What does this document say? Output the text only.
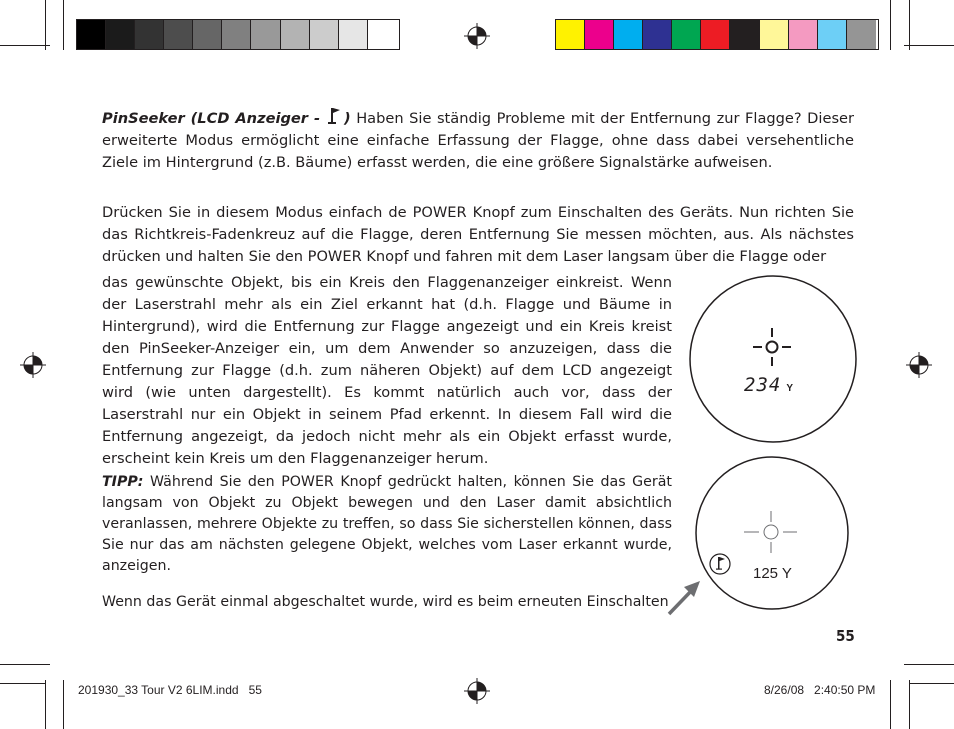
PinSeeker (LCD Anzeiger - ) Haben Sie ständig Probleme mit der Entfernung zur Flagge? Dieser erweiterte Modus ermöglicht eine einfache Erfassung der Flagge, ohne dass dabei versehentliche Ziele im Hintergrund (z.B. Bäume) erfasst werden, die eine größere Signalstärke aufweisen.
Drücken Sie in diesem Modus einfach de POWER Knopf zum Einschalten des Geräts. Nun richten Sie das Richtkreis-Fadenkreuz auf die Flagge, deren Entfernung Sie messen möchten, aus. Als nächstes drücken und halten Sie den POWER Knopf und fahren mit dem Laser langsam über die Flagge oder
das gewünschte Objekt, bis ein Kreis den Flaggenanzeiger einkreist. Wenn der Laserstrahl mehr als ein Ziel erkannt hat (d.h. Flagge und Bäume in Hintergrund), wird die Entfernung zur Flagge angezeigt und ein Kreis kreist den PinSeeker-Anzeiger ein, um dem Anwender so anzuzeigen, dass die Entfernung zur Flagge (d.h. zum näheren Objekt) auf dem LCD angezeigt wird (wie unten dargestellt). Es kommt natürlich auch vor, dass der Laserstrahl nur ein Objekt in seinem Pfad erkennt. In diesem Fall wird die Entfernung angezeigt, da jedoch nicht mehr als ein Objekt erfasst wurde, erscheint kein Kreis um den Flaggenanzeiger herum.
TIPP: Während Sie den POWER Knopf gedrückt halten, können Sie das Gerät langsam von Objekt zu Objekt bewegen und den Laser damit absichtlich veranlassen, mehrere Objekte zu treffen, so dass Sie sicherstellen können, dass Sie nur das am nächsten gelegene Objekt, welches vom Laser erkannt wurde, anzeigen.
Wenn das Gerät einmal abgeschaltet wurde, wird es beim erneuten Einschalten
234 Y
125 Y
55
201930_33 Tour V2 6LIM.indd   55	8/26/08   2:40:50 PM
